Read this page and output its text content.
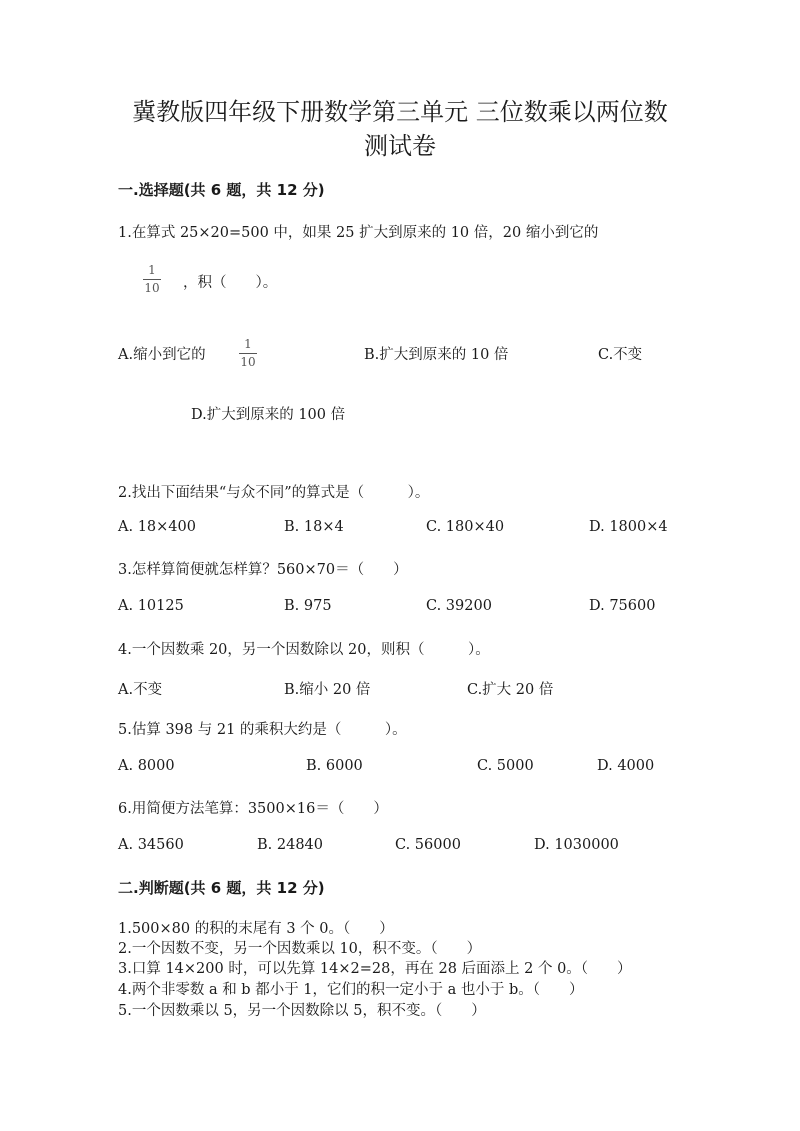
冀教版四年级下册数学第三单元 三位数乘以两位数
测试卷
一.选择题(共 6 题，共 12 分)
1.在算式 25×20=500 中，如果 25 扩大到原来的 10 倍，20 缩小到它的
1
10 ，积（　　）。
A.缩小到它的
1
10	B.扩大到原来的 10 倍	C.不变
D.扩大到原来的 100 倍
2.找出下面结果“与众不同”的算式是（　　　）。
A. 18×400	B. 18×4	C. 180×40	D. 1800×4
3.怎样算简便就怎样算？560×70＝（　　）
A. 10125	B. 975	C. 39200	D. 75600
4.一个因数乘 20，另一个因数除以 20，则积（　　　）。
A.不变	B.缩小 20 倍	C.扩大 20 倍
5.估算 398 与 21 的乘积大约是（　　　）。
A. 8000	B. 6000	C. 5000	D. 4000
6.用简便方法笔算：3500×16＝（　　）
A. 34560	B. 24840	C. 56000	D. 1030000
二.判断题(共 6 题，共 12 分)
1.500×80 的积的末尾有 3 个 0。（　　）
2.一个因数不变，另一个因数乘以 10，积不变。（　　）
3.口算 14×200 时，可以先算 14×2=28，再在 28 后面添上 2 个 0。（　　）
4.两个非零数 a 和 b 都小于 1，它们的积一定小于 a 也小于 b。（　　）
5.一个因数乘以 5，另一个因数除以 5，积不变。（　　）
